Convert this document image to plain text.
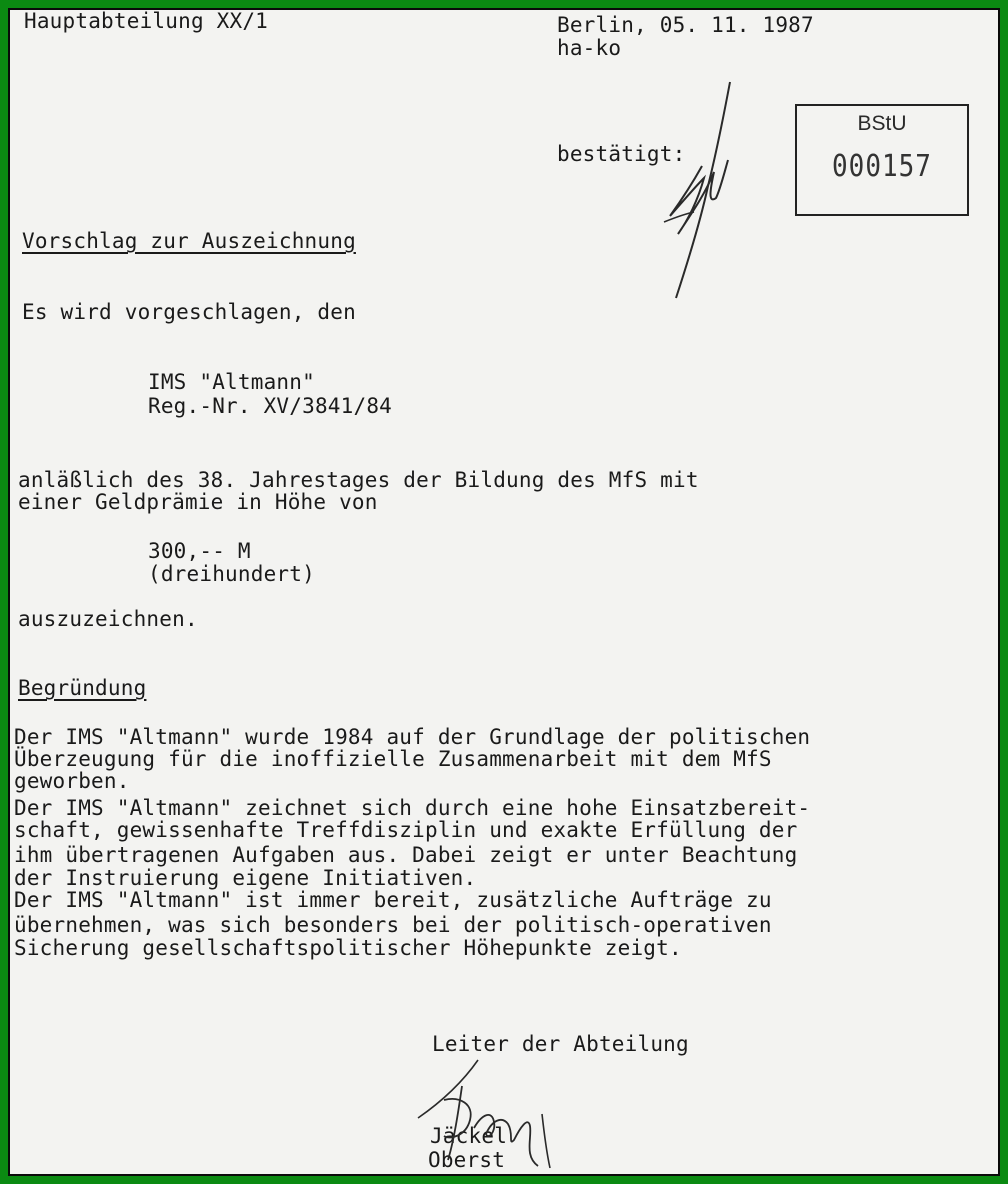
Hauptabteilung XX/1	Berlin, 05. 11. 1987
ha-ko
bestätigt:
BStU
000157
Vorschlag zur Auszeichnung
Es wird vorgeschlagen, den
IMS "Altmann"
Reg.-Nr. XV/3841/84
anläßlich des 38. Jahrestages der Bildung des MfS mit
einer Geldprämie in Höhe von
300,-- M
(dreihundert)
auszuzeichnen.
Begründung
Der IMS "Altmann" wurde 1984 auf der Grundlage der politischen
Überzeugung für die inoffizielle Zusammenarbeit mit dem MfS
geworben.
Der IMS "Altmann" zeichnet sich durch eine hohe Einsatzbereit-
schaft, gewissenhafte Treffdisziplin und exakte Erfüllung der
ihm übertragenen Aufgaben aus. Dabei zeigt er unter Beachtung
der Instruierung eigene Initiativen.
Der IMS "Altmann" ist immer bereit, zusätzliche Aufträge zu
übernehmen, was sich besonders bei der politisch-operativen
Sicherung gesellschaftspolitischer Höhepunkte zeigt.
Leiter der Abteilung
Jäckel
Oberst
